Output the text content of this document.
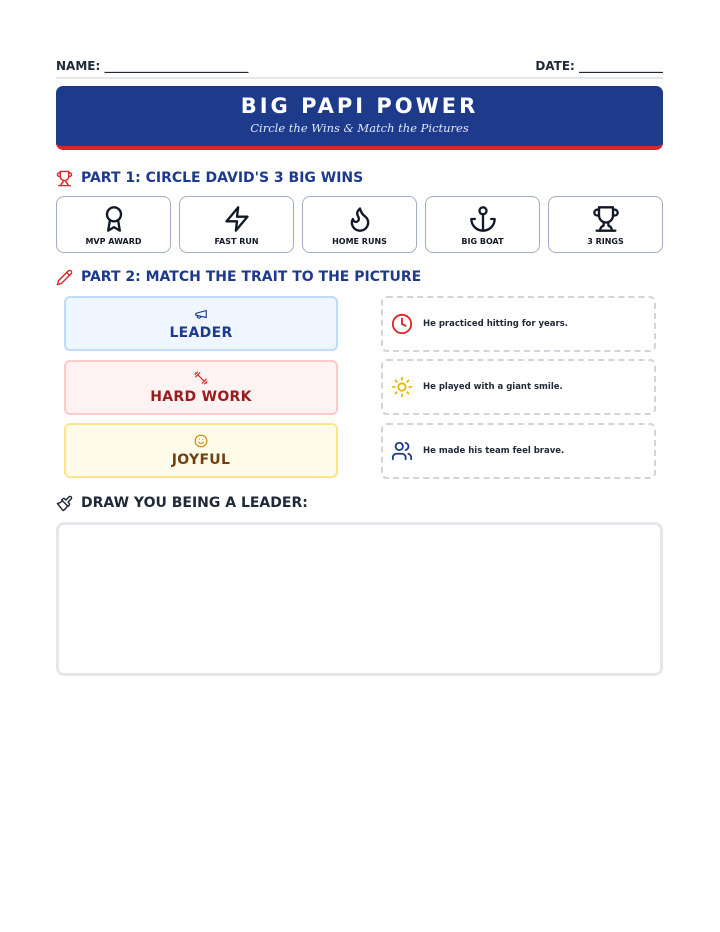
NAME: ________________________	DATE: ______________
BIG PAPI POWER
Circle the Wins & Match the Pictures
PART 1: CIRCLE DAVID'S 3 BIG WINS
MVP AWARD	FAST RUN	HOME RUNS	BIG BOAT	3 RINGS
PART 2: MATCH THE TRAIT TO THE PICTURE
LEADER
HARD WORK
JOYFUL
He practiced hitting for years.
He played with a giant smile.
He made his team feel brave.
DRAW YOU BEING A LEADER:
